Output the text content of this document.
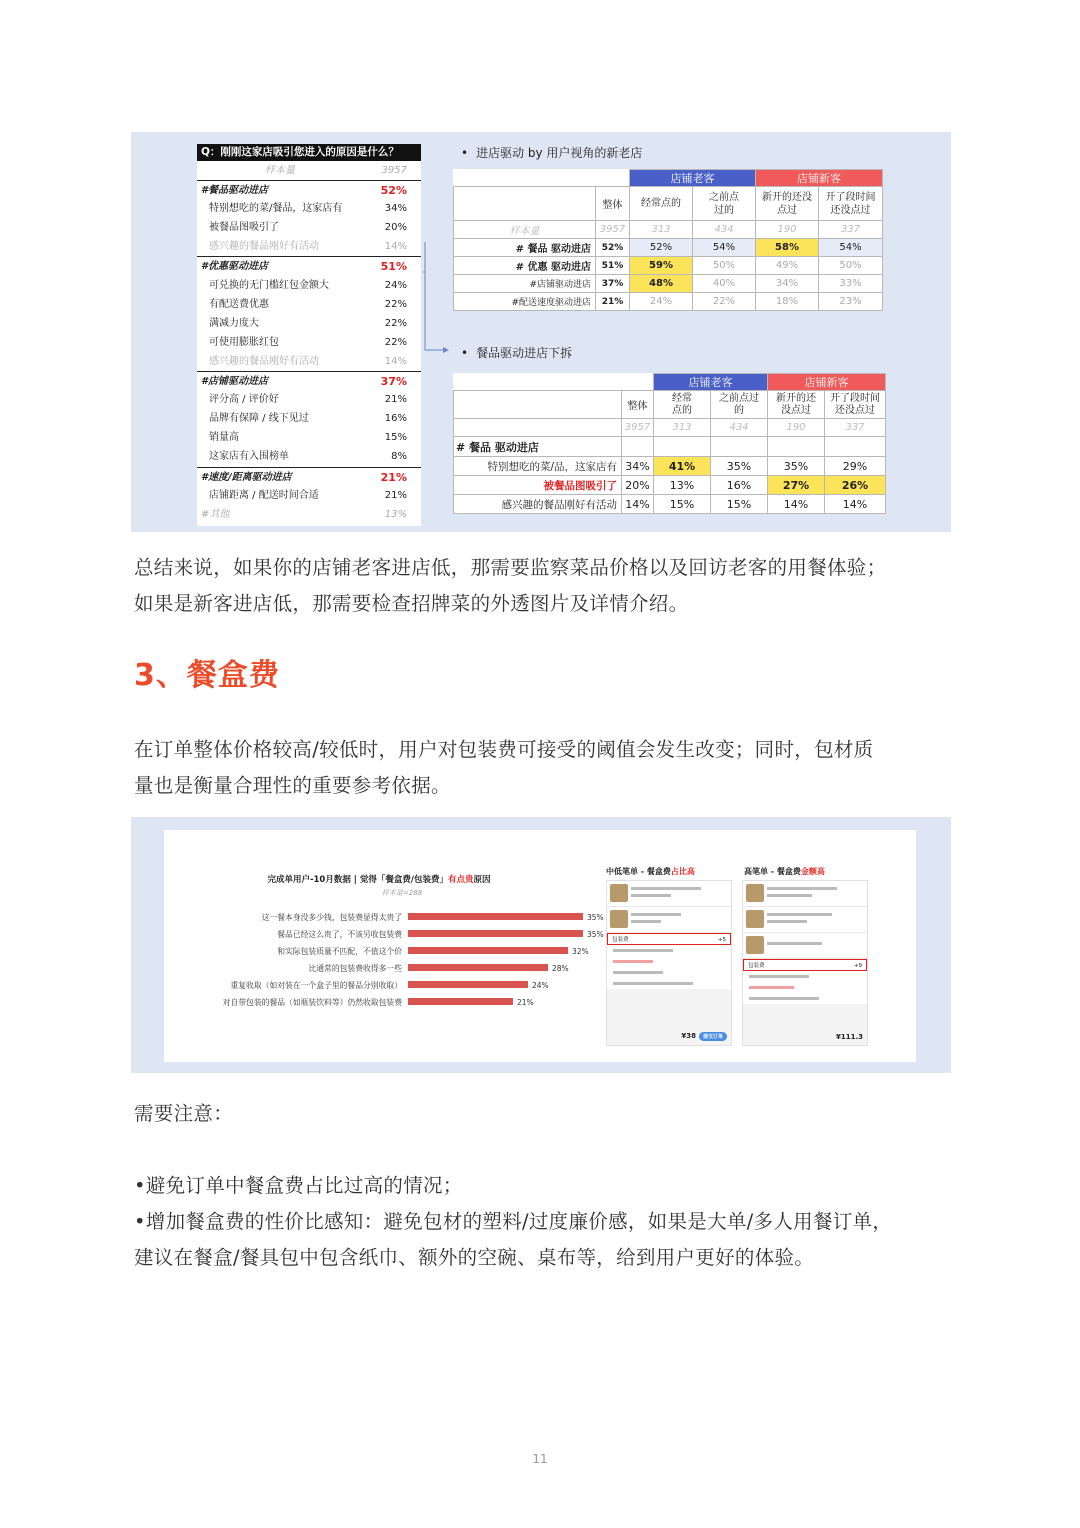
Q：刚刚这家店吸引您进入的原因是什么？
样本量	3957
#餐品驱动进店	52%
特别想吃的菜/餐品，这家店有	34%
被餐品图吸引了	20%
感兴趣的餐品刚好有活动	14%
#优惠驱动进店	51%
可兑换的无门槛红包金额大	24%
有配送费优惠	22%
满减力度大	22%
可使用膨胀红包	22%
感兴趣的餐品刚好有活动	14%
#店铺驱动进店	37%
评分高 / 评价好	21%
品牌有保障 / 线下见过	16%
销量高	15%
这家店有入围榜单	8%
#速度/距离驱动进店	21%
店铺距离 / 配送时间合适	21%
#其他	13%
• 进店驱动 by 用户视角的新老店
		店铺老客		店铺新客	
	整体	经常点的	之前点过的	新开的还没点过	开了段时间还没点过
样本量	3957	313	434	190	337
# 餐品 驱动进店	52%	52%	54%	58%	54%
# 优惠 驱动进店	51%	59%	50%	49%	50%
#店铺驱动进店	37%	48%	40%	34%	33%
#配送速度驱动进店	21%	24%	22%	18%	23%
• 餐品驱动进店下拆
		店铺老客		店铺新客	
	整体	经常点的	之前点过的	新开的还没点过	开了段时间还没点过
	3957	313	434	190	337
# 餐品 驱动进店					
特别想吃的菜/品，这家店有	34%	41%	35%	35%	29%
被餐品图吸引了	20%	13%	16%	27%	26%
感兴趣的餐品刚好有活动	14%	15%	15%	14%	14%

总结来说，如果你的店铺老客进店低，那需要监察菜品价格以及回访老客的用餐体验；

如果是新客进店低，那需要检查招牌菜的外透图片及详情介绍。

3、餐盒费

在订单整体价格较高/较低时，用户对包装费可接受的阈值会发生改变；同时，包材质

量也是衡量合理性的重要参考依据。

完成单用户-10月数据 | 觉得「餐盒费/包装费」有点贵原因
样本量=288
这一餐本身没多少钱，包装费显得太贵了	35%
餐品已经这么贵了，不该另收包装费	35%
和实际包装质量不匹配，不值这个价	32%
比通常的包装费收得多一些	28%
重复收取（如对装在一个盒子里的餐品分别收取）	24%
对自带包装的餐品（如瓶装饮料等）仍然收取包装费	21%
中低笔单 - 餐盒费占比高
包装费	+5
¥38 提交订单
高笔单 - 餐盒费金额高
包装费	+9
¥111.3

需要注意：

•避免订单中餐盒费占比过高的情况；

•增加餐盒费的性价比感知：避免包材的塑料/过度廉价感，如果是大单/多人用餐订单，

建议在餐盒/餐具包中包含纸巾、额外的空碗、桌布等，给到用户更好的体验。

11
